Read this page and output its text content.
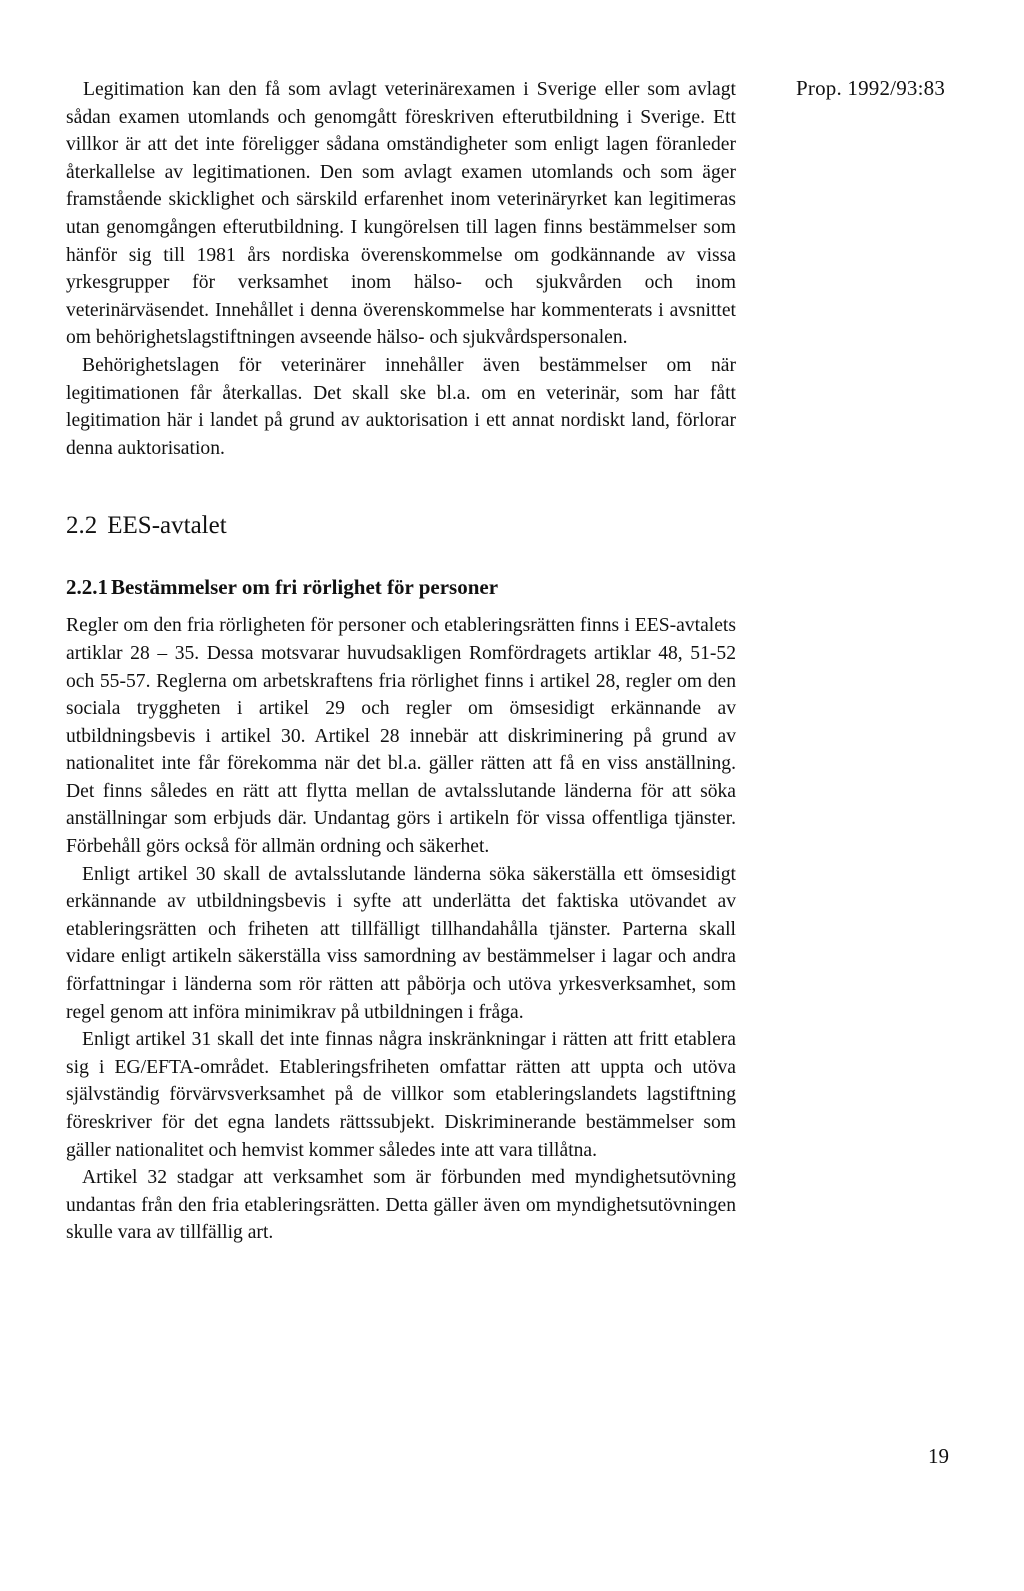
Prop. 1992/93:83

Legitimation kan den få som avlagt veterinärexamen i Sverige eller som avlagt sådan examen utomlands och genomgått föreskriven efterutbildning i Sverige. Ett villkor är att det inte föreligger sådana omständigheter som enligt lagen föranleder återkallelse av legitimationen. Den som avlagt examen utomlands och som äger framstående skicklighet och särskild erfarenhet inom veterinäryrket kan legitimeras utan genomgången efterutbildning. I kungörelsen till lagen finns bestämmelser som hänför sig till 1981 års nordiska överenskommelse om godkännande av vissa yrkesgrupper för verksamhet inom hälso- och sjukvården och inom veterinärväsendet. Innehållet i denna överenskommelse har kommenterats i avsnittet om behörighetslagstiftningen avseende hälso- och sjukvårdspersonalen.

Behörighetslagen för veterinärer innehåller även bestämmelser om när legitimationen får återkallas. Det skall ske bl.a. om en veterinär, som har fått legitimation här i landet på grund av auktorisation i ett annat nordiskt land, förlorar denna auktorisation.

2.2 EES-avtalet
2.2.1 Bestämmelser om fri rörlighet för personer

Regler om den fria rörligheten för personer och etableringsrätten finns i EES-avtalets artiklar 28 – 35. Dessa motsvarar huvudsakligen Romfördragets artiklar 48, 51-52 och 55-57. Reglerna om arbetskraftens fria rörlighet finns i artikel 28, regler om den sociala tryggheten i artikel 29 och regler om ömsesidigt erkännande av utbildningsbevis i artikel 30. Artikel 28 innebär att diskriminering på grund av nationalitet inte får förekomma när det bl.a. gäller rätten att få en viss anställning. Det finns således en rätt att flytta mellan de avtalsslutande länderna för att söka anställningar som erbjuds där. Undantag görs i artikeln för vissa offentliga tjänster. Förbehåll görs också för allmän ordning och säkerhet.

Enligt artikel 30 skall de avtalsslutande länderna söka säkerställa ett ömsesidigt erkännande av utbildningsbevis i syfte att underlätta det faktiska utövandet av etableringsrätten och friheten att tillfälligt tillhandahålla tjänster. Parterna skall vidare enligt artikeln säkerställa viss samordning av bestämmelser i lagar och andra författningar i länderna som rör rätten att påbörja och utöva yrkesverksamhet, som regel genom att införa minimikrav på utbildningen i fråga.

Enligt artikel 31 skall det inte finnas några inskränkningar i rätten att fritt etablera sig i EG/EFTA-området. Etableringsfriheten omfattar rätten att uppta och utöva självständig förvärvsverksamhet på de villkor som etableringslandets lagstiftning föreskriver för det egna landets rättssubjekt. Diskriminerande bestämmelser som gäller nationalitet och hemvist kommer således inte att vara tillåtna.

Artikel 32 stadgar att verksamhet som är förbunden med myndighetsutövning undantas från den fria etableringsrätten. Detta gäller även om myndighetsutövningen skulle vara av tillfällig art.

19
